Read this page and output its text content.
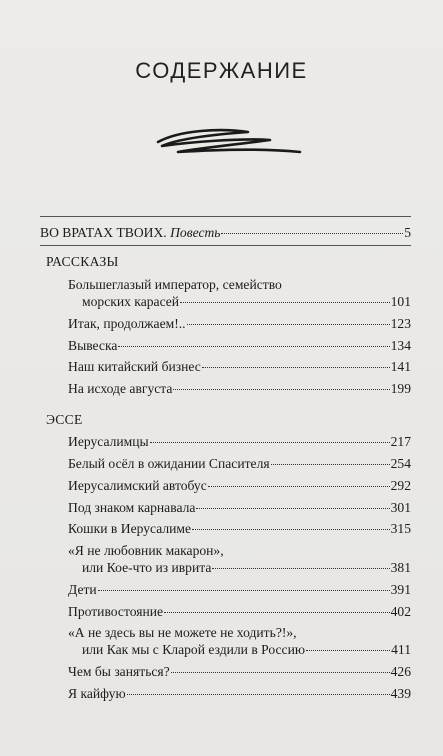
СОДЕРЖАНИЕ
ВО ВРАТАХ ТВОИХ. Повесть	5
РАССКАЗЫ
Большеглазый император, семейство
морских карасей	101
Итак, продолжаем!..	123
Вывеска	134
Наш китайский бизнес	141
На исходе августа	199
ЭССЕ
Иерусалимцы	217
Белый осёл в ожидании Спасителя	254
Иерусалимский автобус	292
Под знаком карнавала	301
Кошки в Иерусалиме	315
«Я не любовник макарон»,
или Кое-что из иврита	381
Дети	391
Противостояние	402
«А не здесь вы не можете не ходить?!»,
или Как мы с Кларой ездили в Россию	411
Чем бы заняться?	426
Я кайфую	439
